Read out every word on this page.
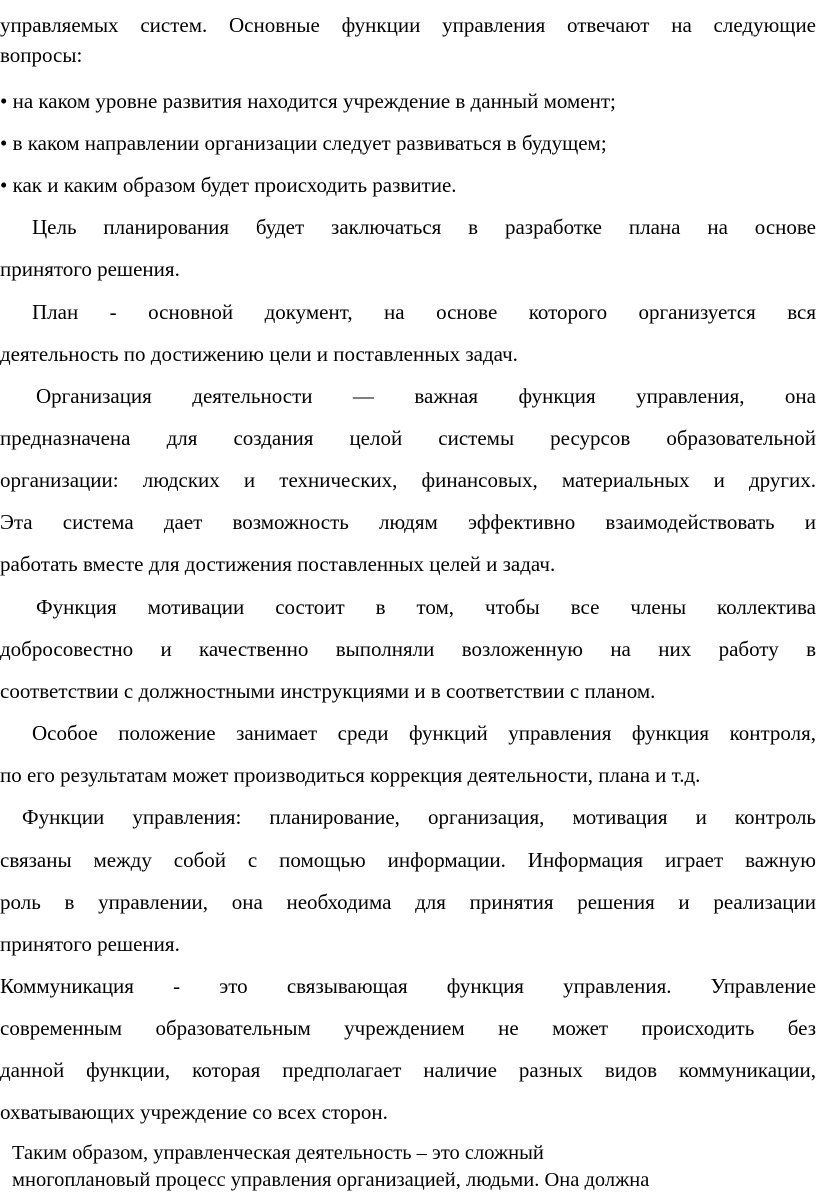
управляемых систем. Основные функции управления отвечают на следующие
вопросы:
• на каком уровне развития находится учреждение в данный момент;
• в каком направлении организации следует развиваться в будущем;
• как и каким образом будет происходить развитие.
Цель планирования будет заключаться в разработке плана на основе
принятого решения.
План - основной документ, на основе которого организуется вся
деятельность по достижению цели и поставленных задач.
Организация деятельности — важная функция управления, она
предназначена для создания целой системы ресурсов образовательной
организации: людских и технических, финансовых, материальных и других.
Эта система дает возможность людям эффективно взаимодействовать и
работать вместе для достижения поставленных целей и задач.
Функция мотивации состоит в том, чтобы все члены коллектива
добросовестно и качественно выполняли возложенную на них работу в
соответствии с должностными инструкциями и в соответствии с планом.
Особое положение занимает среди функций управления функция контроля,
по его результатам может производиться коррекция деятельности, плана и т.д.
Функции управления: планирование, организация, мотивация и контроль
связаны между собой с помощью информации. Информация играет важную
роль в управлении, она необходима для принятия решения и реализации
принятого решения.
Коммуникация - это связывающая функция управления. Управление
современным образовательным учреждением не может происходить без
данной функции, которая предполагает наличие разных видов коммуникации,
охватывающих учреждение со всех сторон.
Таким образом, управленческая деятельность – это сложный
многоплановый процесс управления организацией, людьми. Она должна
